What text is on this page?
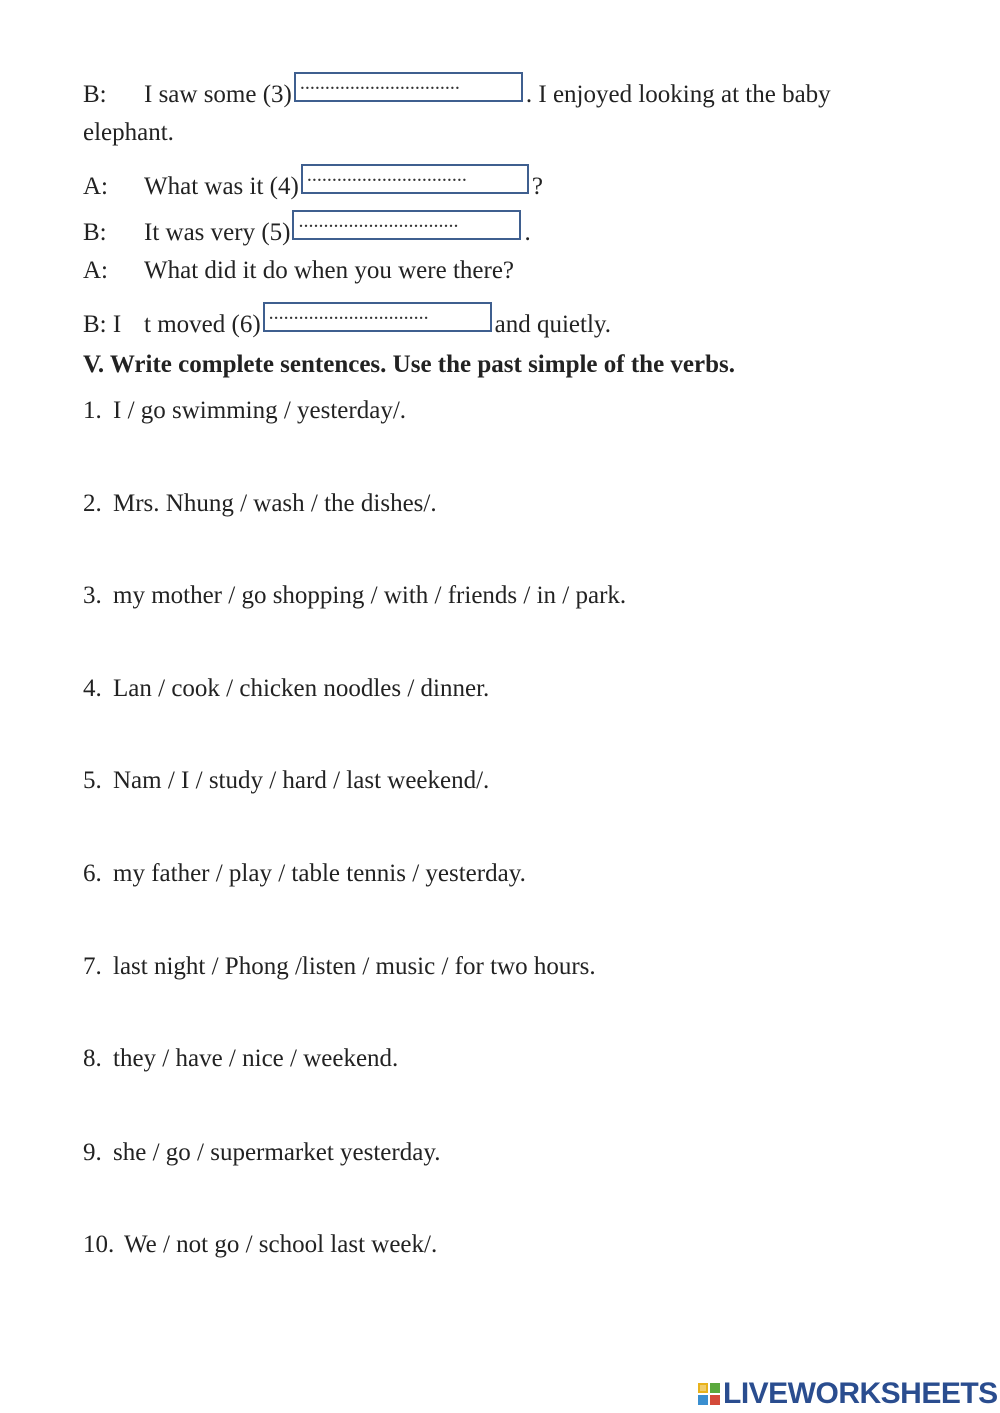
B: I saw some (3) ................................	. I enjoyed looking at the baby
elephant.
A: What was it (4) ................................	?
B: It was very (5) ................................	.
A: What did it do when you were there?
B: I t moved (6) ................................	and quietly.
V. Write complete sentences. Use the past simple of the verbs.
1. I / go swimming / yesterday/.
2. Mrs. Nhung / wash / the dishes/.
3. my mother / go shopping / with / friends / in / park.
4. Lan / cook / chicken noodles / dinner.
5. Nam / I / study / hard / last weekend/.
6. my father / play / table tennis / yesterday.
7. last night / Phong /listen / music / for two hours.
8. they / have / nice / weekend.
9. she / go / supermarket yesterday.
10. We / not go / school last week/.
LIVEWORKSHEETS
